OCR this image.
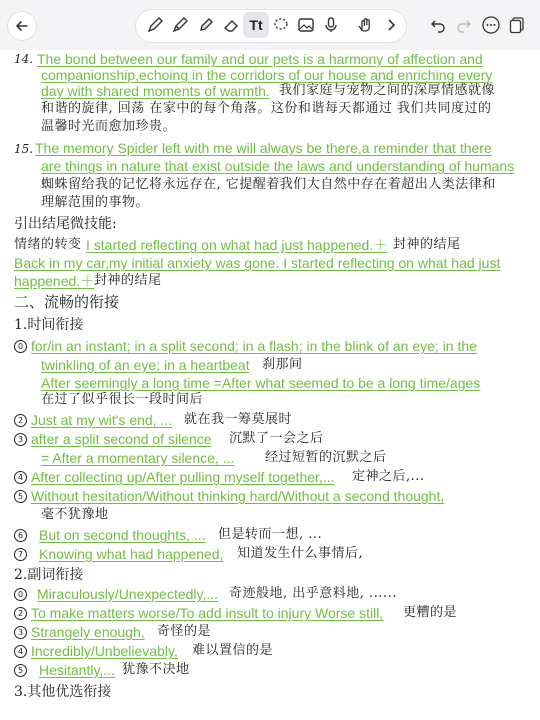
Tt
14. The bond between our family and our pets is a harmony of affection and
companionship,echoing in the corridors of our house and enriching every
day with shared moments of warmth. 我们家庭与宠物之间的深厚情感就像
和谐的旋律, 回荡 在家中的每个角落。这份和谐每天都通过 我们共同度过的
温馨时光而愈加珍贵。
15. The memory Spider left with me will always be there,a reminder that there
are things in nature that exist outside the laws and understanding of humans
蜘蛛留给我的记忆将永远存在, 它提醒着我们大自然中存在着超出人类法律和
理解范围的事物。
引出结尾微技能:
情绪的转变 I started reflecting on what had just happened.＋ 封神的结尾
Back in my car,my initial anxiety was gone. I started reflecting on what had just
happened.＋ 封神的结尾
二、流畅的衔接
1.时间衔接
0 for/in an instant; in a split second; in a flash; in the blink of an eye; in the
twinkling of an eye; in a heartbeat 刹那间
After seemingly a long time =After what seemed to be a long time/ages
在过了似乎很长一段时间后
2 Just at my wit's end, ... 就在我一筹莫展时
3 after a split second of silence 沉默了一会之后
= After a momentary silence, ... 经过短暂的沉默之后
4 After collecting up/After pulling myself together,... 定神之后,...
5 Without hesitation/Without thinking hard/Without a second thought,
毫不犹豫地
6 But on second thoughts, ... 但是转而一想, ...
7 Knowing what had happened, 知道发生什么事情后,
2.副词衔接
0 Miraculously/Unexpectedly,... 奇迹般地, 出乎意料地, ......
2 To make matters worse/To add insult to injury Worse still, 更糟的是
3 Strangely enough, 奇怪的是
4 Incredibly/Unbelievably, 难以置信的是
5 Hesitantly,... 犹豫不决地
3.其他优选衔接
